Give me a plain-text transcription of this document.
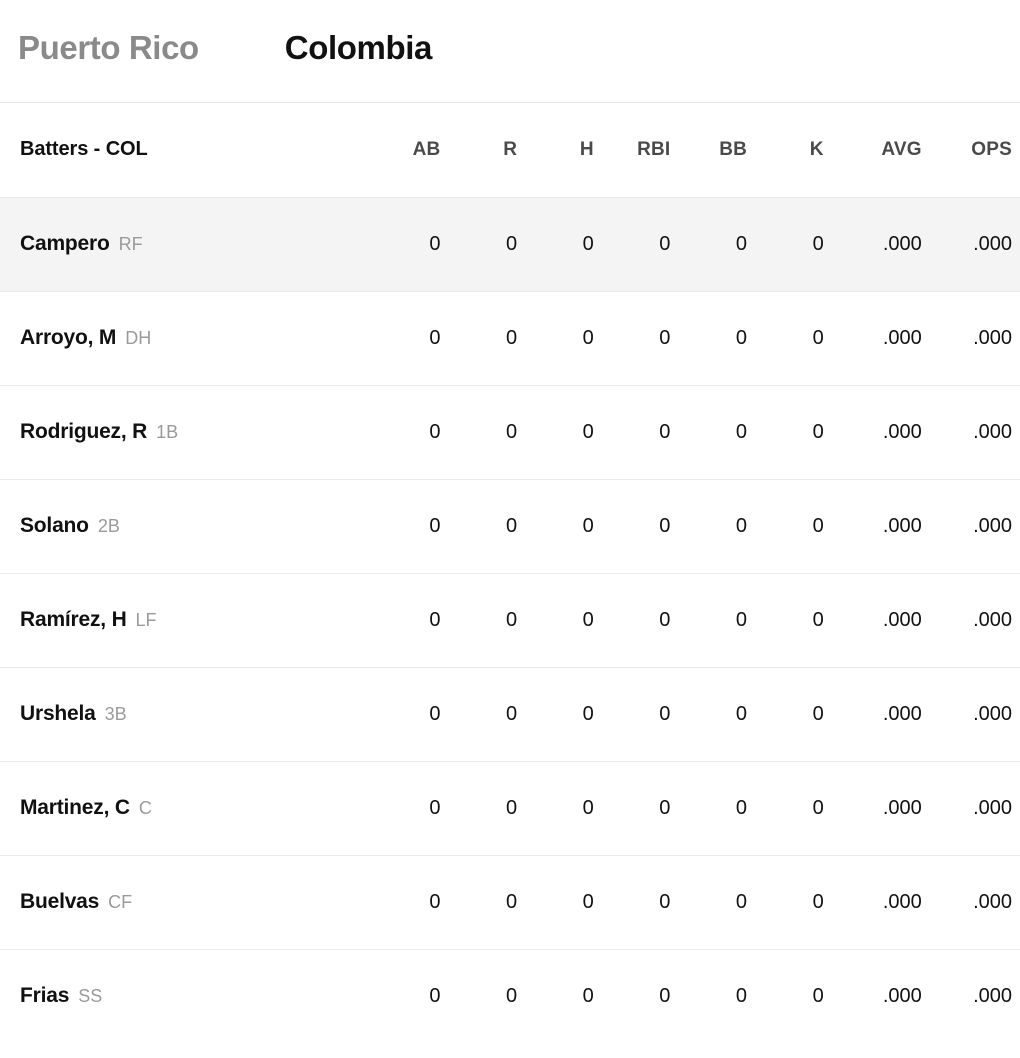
Puerto Rico	Colombia
Batters - COL	AB	R	H	RBI	BB	K	AVG	OPS
Campero RF	0	0	0	0	0	0	.000	.000
Arroyo, M DH	0	0	0	0	0	0	.000	.000
Rodriguez, R 1B	0	0	0	0	0	0	.000	.000
Solano 2B	0	0	0	0	0	0	.000	.000
Ramírez, H LF	0	0	0	0	0	0	.000	.000
Urshela 3B	0	0	0	0	0	0	.000	.000
Martinez, C C	0	0	0	0	0	0	.000	.000
Buelvas CF	0	0	0	0	0	0	.000	.000
Frias SS	0	0	0	0	0	0	.000	.000
